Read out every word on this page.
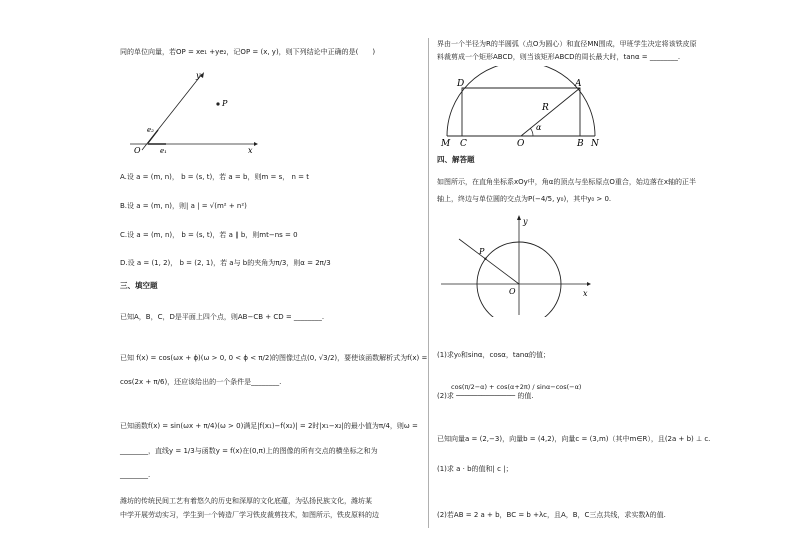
同的单位向量，若OP = xe₁ +ye₂，记OP = (x, y)，则下列结论中正确的是(　　)
y
x
O
P
e₁
e₂
A.设 a = (m, n)， b = (s, t)，若 a = b，则m = s， n = t
B.设 a = (m, n)，则| a | = √(m² + n²)
C.设 a = (m, n)， b = (s, t)，若 a ∥ b，则mt−ns = 0
D.设 a = (1, 2)， b = (2, 1)，若 a与 b的夹角为π/3，则α = 2π/3
三、填空题
已知A，B，C，D是平面上四个点，则AB−CB + CD = ________.
已知 f(x) = cos(ωx + ϕ)(ω > 0, 0 < ϕ < π/2)的图像过点(0, √3/2)，要使该函数解析式为f(x) =
cos(2x + π/6)，还应该给出的一个条件是________.
已知函数f(x) = sin(ωx + π/4)(ω > 0)满足|f(x₁)−f(x₂)| = 2时|x₁−x₂|的最小值为π/4，则ω =
________，直线y = 1/3与函数y = f(x)在(0,π)上的图像的所有交点的横坐标之和为
________.
潍坊的传统民间工艺有着悠久的历史和深厚的文化底蕴，为弘扬民族文化，潍坊某
中学开展劳动实习，学生到一个铸造厂学习铁皮裁剪技术，如图所示，铁皮原料的边
界由一个半径为R的半圆弧（点O为圆心）和直径MN围成，甲班学生决定将该铁皮原
料裁剪成一个矩形ABCD，则当该矩形ABCD的周长最大时，tanα = ________.
D	A
R
α
M C	O	B N
四、解答题
如图所示，在直角坐标系xOy中，角α的顶点与坐标原点O重合，始边落在x轴的正半
轴上，终边与单位圆的交点为P(−4/5, y₀)，其中y₀ > 0.
y
x
O
P
(1)求y₀和sinα，cosα，tanα的值；
cos(π/2−α) + cos(α+2π) / sinα−cos(−α)
(2)求 ────────────── 的值.
已知向量a = (2,−3)，向量b = (4,2)，向量c = (3,m)（其中m∈R），且(2a + b) ⊥ c.
(1)求 a · b的值和| c |；
(2)若AB = 2 a + b，BC = b +λc，且A，B，C三点共线，求实数λ的值.
